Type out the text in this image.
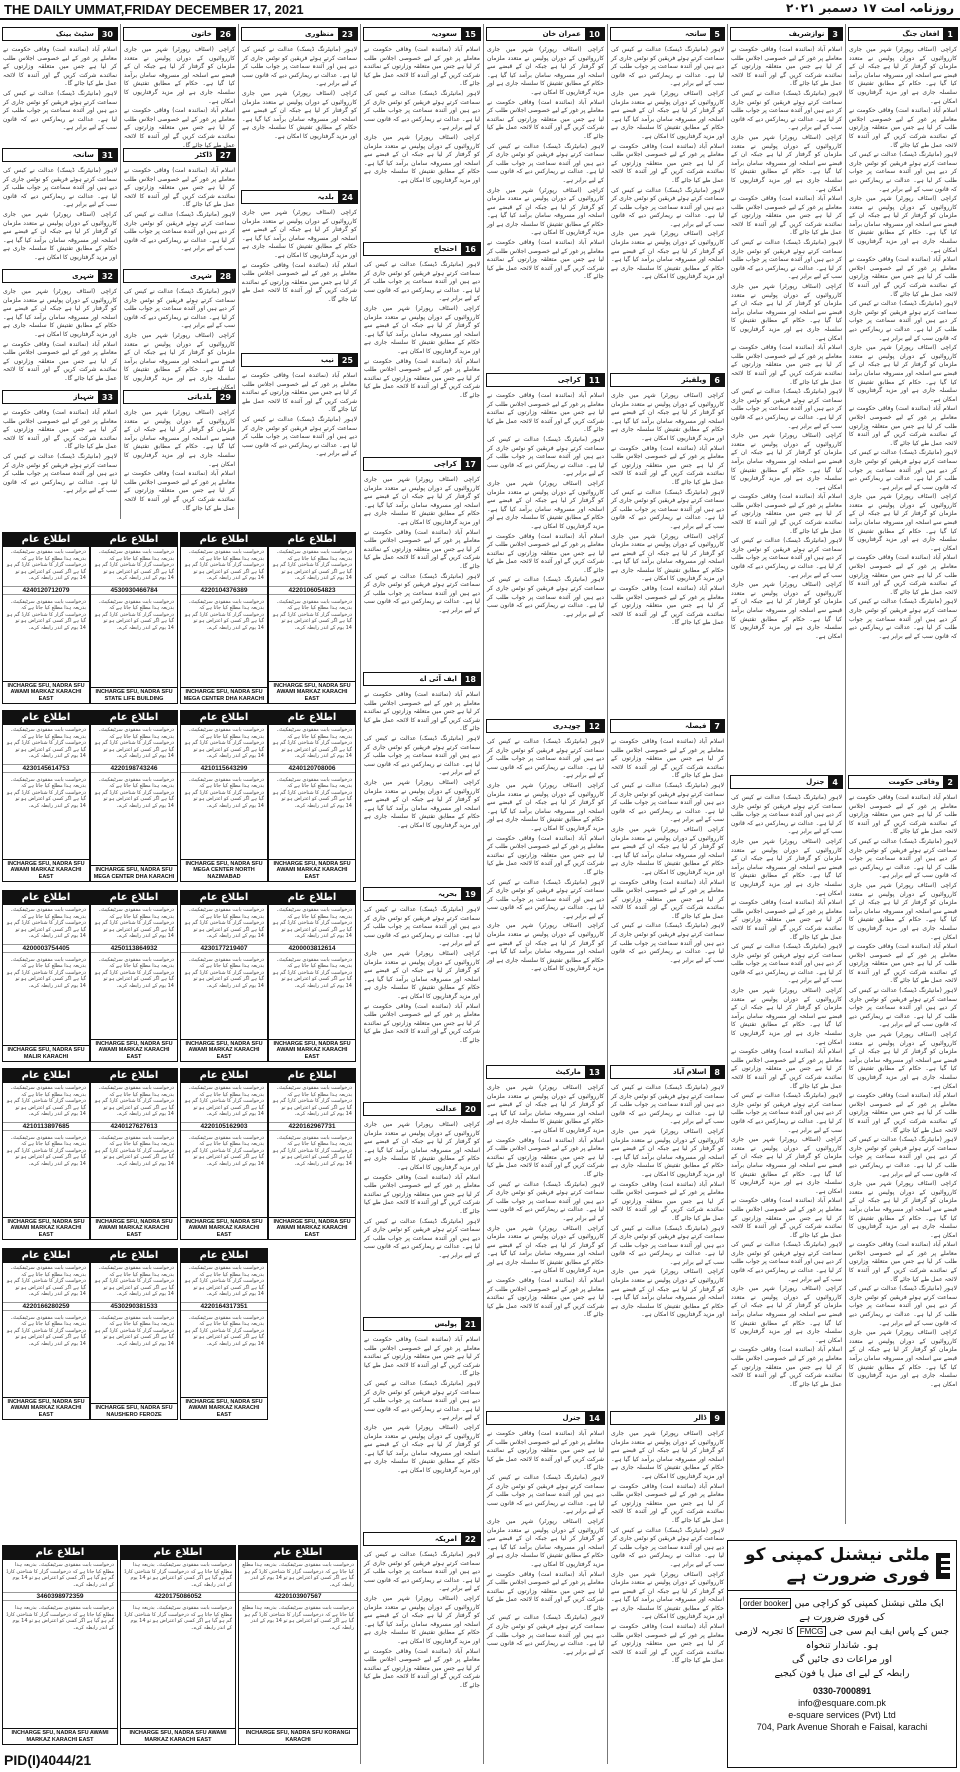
THE DAILY UMMAT,FRIDAY DECEMBER 17, 2021	روزنامہ امت ۱۷ دسمبر ۲۰۲۱
1
افغان جنگ

کراچی (اسٹاف رپورٹر) شہر میں جاری کارروائیوں کے دوران پولیس نے متعدد ملزمان کو گرفتار کر لیا ہے جبکہ ان کے قبضے سے اسلحہ اور مسروقہ سامان برآمد کیا گیا ہے۔ حکام کے مطابق تفتیش کا سلسلہ جاری ہے اور مزید گرفتاریوں کا امکان ہے۔

اسلام آباد (نمائندہ امت) وفاقی حکومت نے معاملے پر غور کے لیے خصوصی اجلاس طلب کر لیا ہے جس میں متعلقہ وزارتوں کے نمائندے شرکت کریں گے اور آئندہ کا لائحہ عمل طے کیا جائے گا۔

لاہور (مانیٹرنگ ڈیسک) عدالت نے کیس کی سماعت کرتے ہوئے فریقین کو نوٹس جاری کر دیے ہیں اور آئندہ سماعت پر جواب طلب کر لیا ہے۔ عدالت نے ریمارکس دیے کہ قانون سب کے لیے برابر ہے۔

کراچی (اسٹاف رپورٹر) شہر میں جاری کارروائیوں کے دوران پولیس نے متعدد ملزمان کو گرفتار کر لیا ہے جبکہ ان کے قبضے سے اسلحہ اور مسروقہ سامان برآمد کیا گیا ہے۔ حکام کے مطابق تفتیش کا سلسلہ جاری ہے اور مزید گرفتاریوں کا امکان ہے۔

اسلام آباد (نمائندہ امت) وفاقی حکومت نے معاملے پر غور کے لیے خصوصی اجلاس طلب کر لیا ہے جس میں متعلقہ وزارتوں کے نمائندے شرکت کریں گے اور آئندہ کا لائحہ عمل طے کیا جائے گا۔

لاہور (مانیٹرنگ ڈیسک) عدالت نے کیس کی سماعت کرتے ہوئے فریقین کو نوٹس جاری کر دیے ہیں اور آئندہ سماعت پر جواب طلب کر لیا ہے۔ عدالت نے ریمارکس دیے کہ قانون سب کے لیے برابر ہے۔

کراچی (اسٹاف رپورٹر) شہر میں جاری کارروائیوں کے دوران پولیس نے متعدد ملزمان کو گرفتار کر لیا ہے جبکہ ان کے قبضے سے اسلحہ اور مسروقہ سامان برآمد کیا گیا ہے۔ حکام کے مطابق تفتیش کا سلسلہ جاری ہے اور مزید گرفتاریوں کا امکان ہے۔

اسلام آباد (نمائندہ امت) وفاقی حکومت نے معاملے پر غور کے لیے خصوصی اجلاس طلب کر لیا ہے جس میں متعلقہ وزارتوں کے نمائندے شرکت کریں گے اور آئندہ کا لائحہ عمل طے کیا جائے گا۔

لاہور (مانیٹرنگ ڈیسک) عدالت نے کیس کی سماعت کرتے ہوئے فریقین کو نوٹس جاری کر دیے ہیں اور آئندہ سماعت پر جواب طلب کر لیا ہے۔ عدالت نے ریمارکس دیے کہ قانون سب کے لیے برابر ہے۔

کراچی (اسٹاف رپورٹر) شہر میں جاری کارروائیوں کے دوران پولیس نے متعدد ملزمان کو گرفتار کر لیا ہے جبکہ ان کے قبضے سے اسلحہ اور مسروقہ سامان برآمد کیا گیا ہے۔ حکام کے مطابق تفتیش کا سلسلہ جاری ہے اور مزید گرفتاریوں کا امکان ہے۔

اسلام آباد (نمائندہ امت) وفاقی حکومت نے معاملے پر غور کے لیے خصوصی اجلاس طلب کر لیا ہے جس میں متعلقہ وزارتوں کے نمائندے شرکت کریں گے اور آئندہ کا لائحہ عمل طے کیا جائے گا۔

لاہور (مانیٹرنگ ڈیسک) عدالت نے کیس کی سماعت کرتے ہوئے فریقین کو نوٹس جاری کر دیے ہیں اور آئندہ سماعت پر جواب طلب کر لیا ہے۔ عدالت نے ریمارکس دیے کہ قانون سب کے لیے برابر ہے۔

2
وفاقی حکومت

اسلام آباد (نمائندہ امت) وفاقی حکومت نے معاملے پر غور کے لیے خصوصی اجلاس طلب کر لیا ہے جس میں متعلقہ وزارتوں کے نمائندے شرکت کریں گے اور آئندہ کا لائحہ عمل طے کیا جائے گا۔

لاہور (مانیٹرنگ ڈیسک) عدالت نے کیس کی سماعت کرتے ہوئے فریقین کو نوٹس جاری کر دیے ہیں اور آئندہ سماعت پر جواب طلب کر لیا ہے۔ عدالت نے ریمارکس دیے کہ قانون سب کے لیے برابر ہے۔

کراچی (اسٹاف رپورٹر) شہر میں جاری کارروائیوں کے دوران پولیس نے متعدد ملزمان کو گرفتار کر لیا ہے جبکہ ان کے قبضے سے اسلحہ اور مسروقہ سامان برآمد کیا گیا ہے۔ حکام کے مطابق تفتیش کا سلسلہ جاری ہے اور مزید گرفتاریوں کا امکان ہے۔

اسلام آباد (نمائندہ امت) وفاقی حکومت نے معاملے پر غور کے لیے خصوصی اجلاس طلب کر لیا ہے جس میں متعلقہ وزارتوں کے نمائندے شرکت کریں گے اور آئندہ کا لائحہ عمل طے کیا جائے گا۔

لاہور (مانیٹرنگ ڈیسک) عدالت نے کیس کی سماعت کرتے ہوئے فریقین کو نوٹس جاری کر دیے ہیں اور آئندہ سماعت پر جواب طلب کر لیا ہے۔ عدالت نے ریمارکس دیے کہ قانون سب کے لیے برابر ہے۔

کراچی (اسٹاف رپورٹر) شہر میں جاری کارروائیوں کے دوران پولیس نے متعدد ملزمان کو گرفتار کر لیا ہے جبکہ ان کے قبضے سے اسلحہ اور مسروقہ سامان برآمد کیا گیا ہے۔ حکام کے مطابق تفتیش کا سلسلہ جاری ہے اور مزید گرفتاریوں کا امکان ہے۔

اسلام آباد (نمائندہ امت) وفاقی حکومت نے معاملے پر غور کے لیے خصوصی اجلاس طلب کر لیا ہے جس میں متعلقہ وزارتوں کے نمائندے شرکت کریں گے اور آئندہ کا لائحہ عمل طے کیا جائے گا۔

لاہور (مانیٹرنگ ڈیسک) عدالت نے کیس کی سماعت کرتے ہوئے فریقین کو نوٹس جاری کر دیے ہیں اور آئندہ سماعت پر جواب طلب کر لیا ہے۔ عدالت نے ریمارکس دیے کہ قانون سب کے لیے برابر ہے۔

کراچی (اسٹاف رپورٹر) شہر میں جاری کارروائیوں کے دوران پولیس نے متعدد ملزمان کو گرفتار کر لیا ہے جبکہ ان کے قبضے سے اسلحہ اور مسروقہ سامان برآمد کیا گیا ہے۔ حکام کے مطابق تفتیش کا سلسلہ جاری ہے اور مزید گرفتاریوں کا امکان ہے۔

اسلام آباد (نمائندہ امت) وفاقی حکومت نے معاملے پر غور کے لیے خصوصی اجلاس طلب کر لیا ہے جس میں متعلقہ وزارتوں کے نمائندے شرکت کریں گے اور آئندہ کا لائحہ عمل طے کیا جائے گا۔

لاہور (مانیٹرنگ ڈیسک) عدالت نے کیس کی سماعت کرتے ہوئے فریقین کو نوٹس جاری کر دیے ہیں اور آئندہ سماعت پر جواب طلب کر لیا ہے۔ عدالت نے ریمارکس دیے کہ قانون سب کے لیے برابر ہے۔

کراچی (اسٹاف رپورٹر) شہر میں جاری کارروائیوں کے دوران پولیس نے متعدد ملزمان کو گرفتار کر لیا ہے جبکہ ان کے قبضے سے اسلحہ اور مسروقہ سامان برآمد کیا گیا ہے۔ حکام کے مطابق تفتیش کا سلسلہ جاری ہے اور مزید گرفتاریوں کا امکان ہے۔

3
نوازشریف

اسلام آباد (نمائندہ امت) وفاقی حکومت نے معاملے پر غور کے لیے خصوصی اجلاس طلب کر لیا ہے جس میں متعلقہ وزارتوں کے نمائندے شرکت کریں گے اور آئندہ کا لائحہ عمل طے کیا جائے گا۔

لاہور (مانیٹرنگ ڈیسک) عدالت نے کیس کی سماعت کرتے ہوئے فریقین کو نوٹس جاری کر دیے ہیں اور آئندہ سماعت پر جواب طلب کر لیا ہے۔ عدالت نے ریمارکس دیے کہ قانون سب کے لیے برابر ہے۔

کراچی (اسٹاف رپورٹر) شہر میں جاری کارروائیوں کے دوران پولیس نے متعدد ملزمان کو گرفتار کر لیا ہے جبکہ ان کے قبضے سے اسلحہ اور مسروقہ سامان برآمد کیا گیا ہے۔ حکام کے مطابق تفتیش کا سلسلہ جاری ہے اور مزید گرفتاریوں کا امکان ہے۔

اسلام آباد (نمائندہ امت) وفاقی حکومت نے معاملے پر غور کے لیے خصوصی اجلاس طلب کر لیا ہے جس میں متعلقہ وزارتوں کے نمائندے شرکت کریں گے اور آئندہ کا لائحہ عمل طے کیا جائے گا۔

لاہور (مانیٹرنگ ڈیسک) عدالت نے کیس کی سماعت کرتے ہوئے فریقین کو نوٹس جاری کر دیے ہیں اور آئندہ سماعت پر جواب طلب کر لیا ہے۔ عدالت نے ریمارکس دیے کہ قانون سب کے لیے برابر ہے۔

کراچی (اسٹاف رپورٹر) شہر میں جاری کارروائیوں کے دوران پولیس نے متعدد ملزمان کو گرفتار کر لیا ہے جبکہ ان کے قبضے سے اسلحہ اور مسروقہ سامان برآمد کیا گیا ہے۔ حکام کے مطابق تفتیش کا سلسلہ جاری ہے اور مزید گرفتاریوں کا امکان ہے۔

اسلام آباد (نمائندہ امت) وفاقی حکومت نے معاملے پر غور کے لیے خصوصی اجلاس طلب کر لیا ہے جس میں متعلقہ وزارتوں کے نمائندے شرکت کریں گے اور آئندہ کا لائحہ عمل طے کیا جائے گا۔

لاہور (مانیٹرنگ ڈیسک) عدالت نے کیس کی سماعت کرتے ہوئے فریقین کو نوٹس جاری کر دیے ہیں اور آئندہ سماعت پر جواب طلب کر لیا ہے۔ عدالت نے ریمارکس دیے کہ قانون سب کے لیے برابر ہے۔

کراچی (اسٹاف رپورٹر) شہر میں جاری کارروائیوں کے دوران پولیس نے متعدد ملزمان کو گرفتار کر لیا ہے جبکہ ان کے قبضے سے اسلحہ اور مسروقہ سامان برآمد کیا گیا ہے۔ حکام کے مطابق تفتیش کا سلسلہ جاری ہے اور مزید گرفتاریوں کا امکان ہے۔

اسلام آباد (نمائندہ امت) وفاقی حکومت نے معاملے پر غور کے لیے خصوصی اجلاس طلب کر لیا ہے جس میں متعلقہ وزارتوں کے نمائندے شرکت کریں گے اور آئندہ کا لائحہ عمل طے کیا جائے گا۔

لاہور (مانیٹرنگ ڈیسک) عدالت نے کیس کی سماعت کرتے ہوئے فریقین کو نوٹس جاری کر دیے ہیں اور آئندہ سماعت پر جواب طلب کر لیا ہے۔ عدالت نے ریمارکس دیے کہ قانون سب کے لیے برابر ہے۔

کراچی (اسٹاف رپورٹر) شہر میں جاری کارروائیوں کے دوران پولیس نے متعدد ملزمان کو گرفتار کر لیا ہے جبکہ ان کے قبضے سے اسلحہ اور مسروقہ سامان برآمد کیا گیا ہے۔ حکام کے مطابق تفتیش کا سلسلہ جاری ہے اور مزید گرفتاریوں کا امکان ہے۔

4
جنرل

لاہور (مانیٹرنگ ڈیسک) عدالت نے کیس کی سماعت کرتے ہوئے فریقین کو نوٹس جاری کر دیے ہیں اور آئندہ سماعت پر جواب طلب کر لیا ہے۔ عدالت نے ریمارکس دیے کہ قانون سب کے لیے برابر ہے۔

کراچی (اسٹاف رپورٹر) شہر میں جاری کارروائیوں کے دوران پولیس نے متعدد ملزمان کو گرفتار کر لیا ہے جبکہ ان کے قبضے سے اسلحہ اور مسروقہ سامان برآمد کیا گیا ہے۔ حکام کے مطابق تفتیش کا سلسلہ جاری ہے اور مزید گرفتاریوں کا امکان ہے۔

اسلام آباد (نمائندہ امت) وفاقی حکومت نے معاملے پر غور کے لیے خصوصی اجلاس طلب کر لیا ہے جس میں متعلقہ وزارتوں کے نمائندے شرکت کریں گے اور آئندہ کا لائحہ عمل طے کیا جائے گا۔

لاہور (مانیٹرنگ ڈیسک) عدالت نے کیس کی سماعت کرتے ہوئے فریقین کو نوٹس جاری کر دیے ہیں اور آئندہ سماعت پر جواب طلب کر لیا ہے۔ عدالت نے ریمارکس دیے کہ قانون سب کے لیے برابر ہے۔

کراچی (اسٹاف رپورٹر) شہر میں جاری کارروائیوں کے دوران پولیس نے متعدد ملزمان کو گرفتار کر لیا ہے جبکہ ان کے قبضے سے اسلحہ اور مسروقہ سامان برآمد کیا گیا ہے۔ حکام کے مطابق تفتیش کا سلسلہ جاری ہے اور مزید گرفتاریوں کا امکان ہے۔

اسلام آباد (نمائندہ امت) وفاقی حکومت نے معاملے پر غور کے لیے خصوصی اجلاس طلب کر لیا ہے جس میں متعلقہ وزارتوں کے نمائندے شرکت کریں گے اور آئندہ کا لائحہ عمل طے کیا جائے گا۔

لاہور (مانیٹرنگ ڈیسک) عدالت نے کیس کی سماعت کرتے ہوئے فریقین کو نوٹس جاری کر دیے ہیں اور آئندہ سماعت پر جواب طلب کر لیا ہے۔ عدالت نے ریمارکس دیے کہ قانون سب کے لیے برابر ہے۔

کراچی (اسٹاف رپورٹر) شہر میں جاری کارروائیوں کے دوران پولیس نے متعدد ملزمان کو گرفتار کر لیا ہے جبکہ ان کے قبضے سے اسلحہ اور مسروقہ سامان برآمد کیا گیا ہے۔ حکام کے مطابق تفتیش کا سلسلہ جاری ہے اور مزید گرفتاریوں کا امکان ہے۔

اسلام آباد (نمائندہ امت) وفاقی حکومت نے معاملے پر غور کے لیے خصوصی اجلاس طلب کر لیا ہے جس میں متعلقہ وزارتوں کے نمائندے شرکت کریں گے اور آئندہ کا لائحہ عمل طے کیا جائے گا۔

لاہور (مانیٹرنگ ڈیسک) عدالت نے کیس کی سماعت کرتے ہوئے فریقین کو نوٹس جاری کر دیے ہیں اور آئندہ سماعت پر جواب طلب کر لیا ہے۔ عدالت نے ریمارکس دیے کہ قانون سب کے لیے برابر ہے۔

کراچی (اسٹاف رپورٹر) شہر میں جاری کارروائیوں کے دوران پولیس نے متعدد ملزمان کو گرفتار کر لیا ہے جبکہ ان کے قبضے سے اسلحہ اور مسروقہ سامان برآمد کیا گیا ہے۔ حکام کے مطابق تفتیش کا سلسلہ جاری ہے اور مزید گرفتاریوں کا امکان ہے۔

اسلام آباد (نمائندہ امت) وفاقی حکومت نے معاملے پر غور کے لیے خصوصی اجلاس طلب کر لیا ہے جس میں متعلقہ وزارتوں کے نمائندے شرکت کریں گے اور آئندہ کا لائحہ عمل طے کیا جائے گا۔

5
سانحہ

لاہور (مانیٹرنگ ڈیسک) عدالت نے کیس کی سماعت کرتے ہوئے فریقین کو نوٹس جاری کر دیے ہیں اور آئندہ سماعت پر جواب طلب کر لیا ہے۔ عدالت نے ریمارکس دیے کہ قانون سب کے لیے برابر ہے۔

کراچی (اسٹاف رپورٹر) شہر میں جاری کارروائیوں کے دوران پولیس نے متعدد ملزمان کو گرفتار کر لیا ہے جبکہ ان کے قبضے سے اسلحہ اور مسروقہ سامان برآمد کیا گیا ہے۔ حکام کے مطابق تفتیش کا سلسلہ جاری ہے اور مزید گرفتاریوں کا امکان ہے۔

اسلام آباد (نمائندہ امت) وفاقی حکومت نے معاملے پر غور کے لیے خصوصی اجلاس طلب کر لیا ہے جس میں متعلقہ وزارتوں کے نمائندے شرکت کریں گے اور آئندہ کا لائحہ عمل طے کیا جائے گا۔

لاہور (مانیٹرنگ ڈیسک) عدالت نے کیس کی سماعت کرتے ہوئے فریقین کو نوٹس جاری کر دیے ہیں اور آئندہ سماعت پر جواب طلب کر لیا ہے۔ عدالت نے ریمارکس دیے کہ قانون سب کے لیے برابر ہے۔

کراچی (اسٹاف رپورٹر) شہر میں جاری کارروائیوں کے دوران پولیس نے متعدد ملزمان کو گرفتار کر لیا ہے جبکہ ان کے قبضے سے اسلحہ اور مسروقہ سامان برآمد کیا گیا ہے۔ حکام کے مطابق تفتیش کا سلسلہ جاری ہے اور مزید گرفتاریوں کا امکان ہے۔

6
ویلفیئر

کراچی (اسٹاف رپورٹر) شہر میں جاری کارروائیوں کے دوران پولیس نے متعدد ملزمان کو گرفتار کر لیا ہے جبکہ ان کے قبضے سے اسلحہ اور مسروقہ سامان برآمد کیا گیا ہے۔ حکام کے مطابق تفتیش کا سلسلہ جاری ہے اور مزید گرفتاریوں کا امکان ہے۔

اسلام آباد (نمائندہ امت) وفاقی حکومت نے معاملے پر غور کے لیے خصوصی اجلاس طلب کر لیا ہے جس میں متعلقہ وزارتوں کے نمائندے شرکت کریں گے اور آئندہ کا لائحہ عمل طے کیا جائے گا۔

لاہور (مانیٹرنگ ڈیسک) عدالت نے کیس کی سماعت کرتے ہوئے فریقین کو نوٹس جاری کر دیے ہیں اور آئندہ سماعت پر جواب طلب کر لیا ہے۔ عدالت نے ریمارکس دیے کہ قانون سب کے لیے برابر ہے۔

کراچی (اسٹاف رپورٹر) شہر میں جاری کارروائیوں کے دوران پولیس نے متعدد ملزمان کو گرفتار کر لیا ہے جبکہ ان کے قبضے سے اسلحہ اور مسروقہ سامان برآمد کیا گیا ہے۔ حکام کے مطابق تفتیش کا سلسلہ جاری ہے اور مزید گرفتاریوں کا امکان ہے۔

اسلام آباد (نمائندہ امت) وفاقی حکومت نے معاملے پر غور کے لیے خصوصی اجلاس طلب کر لیا ہے جس میں متعلقہ وزارتوں کے نمائندے شرکت کریں گے اور آئندہ کا لائحہ عمل طے کیا جائے گا۔

7
فیصلہ

اسلام آباد (نمائندہ امت) وفاقی حکومت نے معاملے پر غور کے لیے خصوصی اجلاس طلب کر لیا ہے جس میں متعلقہ وزارتوں کے نمائندے شرکت کریں گے اور آئندہ کا لائحہ عمل طے کیا جائے گا۔

لاہور (مانیٹرنگ ڈیسک) عدالت نے کیس کی سماعت کرتے ہوئے فریقین کو نوٹس جاری کر دیے ہیں اور آئندہ سماعت پر جواب طلب کر لیا ہے۔ عدالت نے ریمارکس دیے کہ قانون سب کے لیے برابر ہے۔

کراچی (اسٹاف رپورٹر) شہر میں جاری کارروائیوں کے دوران پولیس نے متعدد ملزمان کو گرفتار کر لیا ہے جبکہ ان کے قبضے سے اسلحہ اور مسروقہ سامان برآمد کیا گیا ہے۔ حکام کے مطابق تفتیش کا سلسلہ جاری ہے اور مزید گرفتاریوں کا امکان ہے۔

اسلام آباد (نمائندہ امت) وفاقی حکومت نے معاملے پر غور کے لیے خصوصی اجلاس طلب کر لیا ہے جس میں متعلقہ وزارتوں کے نمائندے شرکت کریں گے اور آئندہ کا لائحہ عمل طے کیا جائے گا۔

لاہور (مانیٹرنگ ڈیسک) عدالت نے کیس کی سماعت کرتے ہوئے فریقین کو نوٹس جاری کر دیے ہیں اور آئندہ سماعت پر جواب طلب کر لیا ہے۔ عدالت نے ریمارکس دیے کہ قانون سب کے لیے برابر ہے۔

8
اسلام آباد

لاہور (مانیٹرنگ ڈیسک) عدالت نے کیس کی سماعت کرتے ہوئے فریقین کو نوٹس جاری کر دیے ہیں اور آئندہ سماعت پر جواب طلب کر لیا ہے۔ عدالت نے ریمارکس دیے کہ قانون سب کے لیے برابر ہے۔

کراچی (اسٹاف رپورٹر) شہر میں جاری کارروائیوں کے دوران پولیس نے متعدد ملزمان کو گرفتار کر لیا ہے جبکہ ان کے قبضے سے اسلحہ اور مسروقہ سامان برآمد کیا گیا ہے۔ حکام کے مطابق تفتیش کا سلسلہ جاری ہے اور مزید گرفتاریوں کا امکان ہے۔

اسلام آباد (نمائندہ امت) وفاقی حکومت نے معاملے پر غور کے لیے خصوصی اجلاس طلب کر لیا ہے جس میں متعلقہ وزارتوں کے نمائندے شرکت کریں گے اور آئندہ کا لائحہ عمل طے کیا جائے گا۔

لاہور (مانیٹرنگ ڈیسک) عدالت نے کیس کی سماعت کرتے ہوئے فریقین کو نوٹس جاری کر دیے ہیں اور آئندہ سماعت پر جواب طلب کر لیا ہے۔ عدالت نے ریمارکس دیے کہ قانون سب کے لیے برابر ہے۔

کراچی (اسٹاف رپورٹر) شہر میں جاری کارروائیوں کے دوران پولیس نے متعدد ملزمان کو گرفتار کر لیا ہے جبکہ ان کے قبضے سے اسلحہ اور مسروقہ سامان برآمد کیا گیا ہے۔ حکام کے مطابق تفتیش کا سلسلہ جاری ہے اور مزید گرفتاریوں کا امکان ہے۔

9
ڈالر

کراچی (اسٹاف رپورٹر) شہر میں جاری کارروائیوں کے دوران پولیس نے متعدد ملزمان کو گرفتار کر لیا ہے جبکہ ان کے قبضے سے اسلحہ اور مسروقہ سامان برآمد کیا گیا ہے۔ حکام کے مطابق تفتیش کا سلسلہ جاری ہے اور مزید گرفتاریوں کا امکان ہے۔

اسلام آباد (نمائندہ امت) وفاقی حکومت نے معاملے پر غور کے لیے خصوصی اجلاس طلب کر لیا ہے جس میں متعلقہ وزارتوں کے نمائندے شرکت کریں گے اور آئندہ کا لائحہ عمل طے کیا جائے گا۔

لاہور (مانیٹرنگ ڈیسک) عدالت نے کیس کی سماعت کرتے ہوئے فریقین کو نوٹس جاری کر دیے ہیں اور آئندہ سماعت پر جواب طلب کر لیا ہے۔ عدالت نے ریمارکس دیے کہ قانون سب کے لیے برابر ہے۔

کراچی (اسٹاف رپورٹر) شہر میں جاری کارروائیوں کے دوران پولیس نے متعدد ملزمان کو گرفتار کر لیا ہے جبکہ ان کے قبضے سے اسلحہ اور مسروقہ سامان برآمد کیا گیا ہے۔ حکام کے مطابق تفتیش کا سلسلہ جاری ہے اور مزید گرفتاریوں کا امکان ہے۔

اسلام آباد (نمائندہ امت) وفاقی حکومت نے معاملے پر غور کے لیے خصوصی اجلاس طلب کر لیا ہے جس میں متعلقہ وزارتوں کے نمائندے شرکت کریں گے اور آئندہ کا لائحہ عمل طے کیا جائے گا۔

10
عمران خان

کراچی (اسٹاف رپورٹر) شہر میں جاری کارروائیوں کے دوران پولیس نے متعدد ملزمان کو گرفتار کر لیا ہے جبکہ ان کے قبضے سے اسلحہ اور مسروقہ سامان برآمد کیا گیا ہے۔ حکام کے مطابق تفتیش کا سلسلہ جاری ہے اور مزید گرفتاریوں کا امکان ہے۔

اسلام آباد (نمائندہ امت) وفاقی حکومت نے معاملے پر غور کے لیے خصوصی اجلاس طلب کر لیا ہے جس میں متعلقہ وزارتوں کے نمائندے شرکت کریں گے اور آئندہ کا لائحہ عمل طے کیا جائے گا۔

لاہور (مانیٹرنگ ڈیسک) عدالت نے کیس کی سماعت کرتے ہوئے فریقین کو نوٹس جاری کر دیے ہیں اور آئندہ سماعت پر جواب طلب کر لیا ہے۔ عدالت نے ریمارکس دیے کہ قانون سب کے لیے برابر ہے۔

کراچی (اسٹاف رپورٹر) شہر میں جاری کارروائیوں کے دوران پولیس نے متعدد ملزمان کو گرفتار کر لیا ہے جبکہ ان کے قبضے سے اسلحہ اور مسروقہ سامان برآمد کیا گیا ہے۔ حکام کے مطابق تفتیش کا سلسلہ جاری ہے اور مزید گرفتاریوں کا امکان ہے۔

اسلام آباد (نمائندہ امت) وفاقی حکومت نے معاملے پر غور کے لیے خصوصی اجلاس طلب کر لیا ہے جس میں متعلقہ وزارتوں کے نمائندے شرکت کریں گے اور آئندہ کا لائحہ عمل طے کیا جائے گا۔

11
کراچی

اسلام آباد (نمائندہ امت) وفاقی حکومت نے معاملے پر غور کے لیے خصوصی اجلاس طلب کر لیا ہے جس میں متعلقہ وزارتوں کے نمائندے شرکت کریں گے اور آئندہ کا لائحہ عمل طے کیا جائے گا۔

لاہور (مانیٹرنگ ڈیسک) عدالت نے کیس کی سماعت کرتے ہوئے فریقین کو نوٹس جاری کر دیے ہیں اور آئندہ سماعت پر جواب طلب کر لیا ہے۔ عدالت نے ریمارکس دیے کہ قانون سب کے لیے برابر ہے۔

کراچی (اسٹاف رپورٹر) شہر میں جاری کارروائیوں کے دوران پولیس نے متعدد ملزمان کو گرفتار کر لیا ہے جبکہ ان کے قبضے سے اسلحہ اور مسروقہ سامان برآمد کیا گیا ہے۔ حکام کے مطابق تفتیش کا سلسلہ جاری ہے اور مزید گرفتاریوں کا امکان ہے۔

اسلام آباد (نمائندہ امت) وفاقی حکومت نے معاملے پر غور کے لیے خصوصی اجلاس طلب کر لیا ہے جس میں متعلقہ وزارتوں کے نمائندے شرکت کریں گے اور آئندہ کا لائحہ عمل طے کیا جائے گا۔

لاہور (مانیٹرنگ ڈیسک) عدالت نے کیس کی سماعت کرتے ہوئے فریقین کو نوٹس جاری کر دیے ہیں اور آئندہ سماعت پر جواب طلب کر لیا ہے۔ عدالت نے ریمارکس دیے کہ قانون سب کے لیے برابر ہے۔

12
چوہدری

لاہور (مانیٹرنگ ڈیسک) عدالت نے کیس کی سماعت کرتے ہوئے فریقین کو نوٹس جاری کر دیے ہیں اور آئندہ سماعت پر جواب طلب کر لیا ہے۔ عدالت نے ریمارکس دیے کہ قانون سب کے لیے برابر ہے۔

کراچی (اسٹاف رپورٹر) شہر میں جاری کارروائیوں کے دوران پولیس نے متعدد ملزمان کو گرفتار کر لیا ہے جبکہ ان کے قبضے سے اسلحہ اور مسروقہ سامان برآمد کیا گیا ہے۔ حکام کے مطابق تفتیش کا سلسلہ جاری ہے اور مزید گرفتاریوں کا امکان ہے۔

اسلام آباد (نمائندہ امت) وفاقی حکومت نے معاملے پر غور کے لیے خصوصی اجلاس طلب کر لیا ہے جس میں متعلقہ وزارتوں کے نمائندے شرکت کریں گے اور آئندہ کا لائحہ عمل طے کیا جائے گا۔

لاہور (مانیٹرنگ ڈیسک) عدالت نے کیس کی سماعت کرتے ہوئے فریقین کو نوٹس جاری کر دیے ہیں اور آئندہ سماعت پر جواب طلب کر لیا ہے۔ عدالت نے ریمارکس دیے کہ قانون سب کے لیے برابر ہے۔

کراچی (اسٹاف رپورٹر) شہر میں جاری کارروائیوں کے دوران پولیس نے متعدد ملزمان کو گرفتار کر لیا ہے جبکہ ان کے قبضے سے اسلحہ اور مسروقہ سامان برآمد کیا گیا ہے۔ حکام کے مطابق تفتیش کا سلسلہ جاری ہے اور مزید گرفتاریوں کا امکان ہے۔

13
مارکیٹ

کراچی (اسٹاف رپورٹر) شہر میں جاری کارروائیوں کے دوران پولیس نے متعدد ملزمان کو گرفتار کر لیا ہے جبکہ ان کے قبضے سے اسلحہ اور مسروقہ سامان برآمد کیا گیا ہے۔ حکام کے مطابق تفتیش کا سلسلہ جاری ہے اور مزید گرفتاریوں کا امکان ہے۔

اسلام آباد (نمائندہ امت) وفاقی حکومت نے معاملے پر غور کے لیے خصوصی اجلاس طلب کر لیا ہے جس میں متعلقہ وزارتوں کے نمائندے شرکت کریں گے اور آئندہ کا لائحہ عمل طے کیا جائے گا۔

لاہور (مانیٹرنگ ڈیسک) عدالت نے کیس کی سماعت کرتے ہوئے فریقین کو نوٹس جاری کر دیے ہیں اور آئندہ سماعت پر جواب طلب کر لیا ہے۔ عدالت نے ریمارکس دیے کہ قانون سب کے لیے برابر ہے۔

کراچی (اسٹاف رپورٹر) شہر میں جاری کارروائیوں کے دوران پولیس نے متعدد ملزمان کو گرفتار کر لیا ہے جبکہ ان کے قبضے سے اسلحہ اور مسروقہ سامان برآمد کیا گیا ہے۔ حکام کے مطابق تفتیش کا سلسلہ جاری ہے اور مزید گرفتاریوں کا امکان ہے۔

اسلام آباد (نمائندہ امت) وفاقی حکومت نے معاملے پر غور کے لیے خصوصی اجلاس طلب کر لیا ہے جس میں متعلقہ وزارتوں کے نمائندے شرکت کریں گے اور آئندہ کا لائحہ عمل طے کیا جائے گا۔

14
جنرل

اسلام آباد (نمائندہ امت) وفاقی حکومت نے معاملے پر غور کے لیے خصوصی اجلاس طلب کر لیا ہے جس میں متعلقہ وزارتوں کے نمائندے شرکت کریں گے اور آئندہ کا لائحہ عمل طے کیا جائے گا۔

لاہور (مانیٹرنگ ڈیسک) عدالت نے کیس کی سماعت کرتے ہوئے فریقین کو نوٹس جاری کر دیے ہیں اور آئندہ سماعت پر جواب طلب کر لیا ہے۔ عدالت نے ریمارکس دیے کہ قانون سب کے لیے برابر ہے۔

کراچی (اسٹاف رپورٹر) شہر میں جاری کارروائیوں کے دوران پولیس نے متعدد ملزمان کو گرفتار کر لیا ہے جبکہ ان کے قبضے سے اسلحہ اور مسروقہ سامان برآمد کیا گیا ہے۔ حکام کے مطابق تفتیش کا سلسلہ جاری ہے اور مزید گرفتاریوں کا امکان ہے۔

اسلام آباد (نمائندہ امت) وفاقی حکومت نے معاملے پر غور کے لیے خصوصی اجلاس طلب کر لیا ہے جس میں متعلقہ وزارتوں کے نمائندے شرکت کریں گے اور آئندہ کا لائحہ عمل طے کیا جائے گا۔

لاہور (مانیٹرنگ ڈیسک) عدالت نے کیس کی سماعت کرتے ہوئے فریقین کو نوٹس جاری کر دیے ہیں اور آئندہ سماعت پر جواب طلب کر لیا ہے۔ عدالت نے ریمارکس دیے کہ قانون سب کے لیے برابر ہے۔

15
سعودیہ

اسلام آباد (نمائندہ امت) وفاقی حکومت نے معاملے پر غور کے لیے خصوصی اجلاس طلب کر لیا ہے جس میں متعلقہ وزارتوں کے نمائندے شرکت کریں گے اور آئندہ کا لائحہ عمل طے کیا جائے گا۔

لاہور (مانیٹرنگ ڈیسک) عدالت نے کیس کی سماعت کرتے ہوئے فریقین کو نوٹس جاری کر دیے ہیں اور آئندہ سماعت پر جواب طلب کر لیا ہے۔ عدالت نے ریمارکس دیے کہ قانون سب کے لیے برابر ہے۔

کراچی (اسٹاف رپورٹر) شہر میں جاری کارروائیوں کے دوران پولیس نے متعدد ملزمان کو گرفتار کر لیا ہے جبکہ ان کے قبضے سے اسلحہ اور مسروقہ سامان برآمد کیا گیا ہے۔ حکام کے مطابق تفتیش کا سلسلہ جاری ہے اور مزید گرفتاریوں کا امکان ہے۔

16
احتجاج

لاہور (مانیٹرنگ ڈیسک) عدالت نے کیس کی سماعت کرتے ہوئے فریقین کو نوٹس جاری کر دیے ہیں اور آئندہ سماعت پر جواب طلب کر لیا ہے۔ عدالت نے ریمارکس دیے کہ قانون سب کے لیے برابر ہے۔

کراچی (اسٹاف رپورٹر) شہر میں جاری کارروائیوں کے دوران پولیس نے متعدد ملزمان کو گرفتار کر لیا ہے جبکہ ان کے قبضے سے اسلحہ اور مسروقہ سامان برآمد کیا گیا ہے۔ حکام کے مطابق تفتیش کا سلسلہ جاری ہے اور مزید گرفتاریوں کا امکان ہے۔

اسلام آباد (نمائندہ امت) وفاقی حکومت نے معاملے پر غور کے لیے خصوصی اجلاس طلب کر لیا ہے جس میں متعلقہ وزارتوں کے نمائندے شرکت کریں گے اور آئندہ کا لائحہ عمل طے کیا جائے گا۔

17
کراچی

کراچی (اسٹاف رپورٹر) شہر میں جاری کارروائیوں کے دوران پولیس نے متعدد ملزمان کو گرفتار کر لیا ہے جبکہ ان کے قبضے سے اسلحہ اور مسروقہ سامان برآمد کیا گیا ہے۔ حکام کے مطابق تفتیش کا سلسلہ جاری ہے اور مزید گرفتاریوں کا امکان ہے۔

اسلام آباد (نمائندہ امت) وفاقی حکومت نے معاملے پر غور کے لیے خصوصی اجلاس طلب کر لیا ہے جس میں متعلقہ وزارتوں کے نمائندے شرکت کریں گے اور آئندہ کا لائحہ عمل طے کیا جائے گا۔

لاہور (مانیٹرنگ ڈیسک) عدالت نے کیس کی سماعت کرتے ہوئے فریقین کو نوٹس جاری کر دیے ہیں اور آئندہ سماعت پر جواب طلب کر لیا ہے۔ عدالت نے ریمارکس دیے کہ قانون سب کے لیے برابر ہے۔

18
ایف آئی اے

اسلام آباد (نمائندہ امت) وفاقی حکومت نے معاملے پر غور کے لیے خصوصی اجلاس طلب کر لیا ہے جس میں متعلقہ وزارتوں کے نمائندے شرکت کریں گے اور آئندہ کا لائحہ عمل طے کیا جائے گا۔

لاہور (مانیٹرنگ ڈیسک) عدالت نے کیس کی سماعت کرتے ہوئے فریقین کو نوٹس جاری کر دیے ہیں اور آئندہ سماعت پر جواب طلب کر لیا ہے۔ عدالت نے ریمارکس دیے کہ قانون سب کے لیے برابر ہے۔

کراچی (اسٹاف رپورٹر) شہر میں جاری کارروائیوں کے دوران پولیس نے متعدد ملزمان کو گرفتار کر لیا ہے جبکہ ان کے قبضے سے اسلحہ اور مسروقہ سامان برآمد کیا گیا ہے۔ حکام کے مطابق تفتیش کا سلسلہ جاری ہے اور مزید گرفتاریوں کا امکان ہے۔

19
بحریہ

لاہور (مانیٹرنگ ڈیسک) عدالت نے کیس کی سماعت کرتے ہوئے فریقین کو نوٹس جاری کر دیے ہیں اور آئندہ سماعت پر جواب طلب کر لیا ہے۔ عدالت نے ریمارکس دیے کہ قانون سب کے لیے برابر ہے۔

کراچی (اسٹاف رپورٹر) شہر میں جاری کارروائیوں کے دوران پولیس نے متعدد ملزمان کو گرفتار کر لیا ہے جبکہ ان کے قبضے سے اسلحہ اور مسروقہ سامان برآمد کیا گیا ہے۔ حکام کے مطابق تفتیش کا سلسلہ جاری ہے اور مزید گرفتاریوں کا امکان ہے۔

اسلام آباد (نمائندہ امت) وفاقی حکومت نے معاملے پر غور کے لیے خصوصی اجلاس طلب کر لیا ہے جس میں متعلقہ وزارتوں کے نمائندے شرکت کریں گے اور آئندہ کا لائحہ عمل طے کیا جائے گا۔

20
عدالت

کراچی (اسٹاف رپورٹر) شہر میں جاری کارروائیوں کے دوران پولیس نے متعدد ملزمان کو گرفتار کر لیا ہے جبکہ ان کے قبضے سے اسلحہ اور مسروقہ سامان برآمد کیا گیا ہے۔ حکام کے مطابق تفتیش کا سلسلہ جاری ہے اور مزید گرفتاریوں کا امکان ہے۔

اسلام آباد (نمائندہ امت) وفاقی حکومت نے معاملے پر غور کے لیے خصوصی اجلاس طلب کر لیا ہے جس میں متعلقہ وزارتوں کے نمائندے شرکت کریں گے اور آئندہ کا لائحہ عمل طے کیا جائے گا۔

لاہور (مانیٹرنگ ڈیسک) عدالت نے کیس کی سماعت کرتے ہوئے فریقین کو نوٹس جاری کر دیے ہیں اور آئندہ سماعت پر جواب طلب کر لیا ہے۔ عدالت نے ریمارکس دیے کہ قانون سب کے لیے برابر ہے۔

21
پولیس

اسلام آباد (نمائندہ امت) وفاقی حکومت نے معاملے پر غور کے لیے خصوصی اجلاس طلب کر لیا ہے جس میں متعلقہ وزارتوں کے نمائندے شرکت کریں گے اور آئندہ کا لائحہ عمل طے کیا جائے گا۔

لاہور (مانیٹرنگ ڈیسک) عدالت نے کیس کی سماعت کرتے ہوئے فریقین کو نوٹس جاری کر دیے ہیں اور آئندہ سماعت پر جواب طلب کر لیا ہے۔ عدالت نے ریمارکس دیے کہ قانون سب کے لیے برابر ہے۔

کراچی (اسٹاف رپورٹر) شہر میں جاری کارروائیوں کے دوران پولیس نے متعدد ملزمان کو گرفتار کر لیا ہے جبکہ ان کے قبضے سے اسلحہ اور مسروقہ سامان برآمد کیا گیا ہے۔ حکام کے مطابق تفتیش کا سلسلہ جاری ہے اور مزید گرفتاریوں کا امکان ہے۔

22
امریکہ

لاہور (مانیٹرنگ ڈیسک) عدالت نے کیس کی سماعت کرتے ہوئے فریقین کو نوٹس جاری کر دیے ہیں اور آئندہ سماعت پر جواب طلب کر لیا ہے۔ عدالت نے ریمارکس دیے کہ قانون سب کے لیے برابر ہے۔

کراچی (اسٹاف رپورٹر) شہر میں جاری کارروائیوں کے دوران پولیس نے متعدد ملزمان کو گرفتار کر لیا ہے جبکہ ان کے قبضے سے اسلحہ اور مسروقہ سامان برآمد کیا گیا ہے۔ حکام کے مطابق تفتیش کا سلسلہ جاری ہے اور مزید گرفتاریوں کا امکان ہے۔

اسلام آباد (نمائندہ امت) وفاقی حکومت نے معاملے پر غور کے لیے خصوصی اجلاس طلب کر لیا ہے جس میں متعلقہ وزارتوں کے نمائندے شرکت کریں گے اور آئندہ کا لائحہ عمل طے کیا جائے گا۔

23
منظوری

لاہور (مانیٹرنگ ڈیسک) عدالت نے کیس کی سماعت کرتے ہوئے فریقین کو نوٹس جاری کر دیے ہیں اور آئندہ سماعت پر جواب طلب کر لیا ہے۔ عدالت نے ریمارکس دیے کہ قانون سب کے لیے برابر ہے۔

کراچی (اسٹاف رپورٹر) شہر میں جاری کارروائیوں کے دوران پولیس نے متعدد ملزمان کو گرفتار کر لیا ہے جبکہ ان کے قبضے سے اسلحہ اور مسروقہ سامان برآمد کیا گیا ہے۔ حکام کے مطابق تفتیش کا سلسلہ جاری ہے اور مزید گرفتاریوں کا امکان ہے۔

24
بلدیہ

کراچی (اسٹاف رپورٹر) شہر میں جاری کارروائیوں کے دوران پولیس نے متعدد ملزمان کو گرفتار کر لیا ہے جبکہ ان کے قبضے سے اسلحہ اور مسروقہ سامان برآمد کیا گیا ہے۔ حکام کے مطابق تفتیش کا سلسلہ جاری ہے اور مزید گرفتاریوں کا امکان ہے۔

اسلام آباد (نمائندہ امت) وفاقی حکومت نے معاملے پر غور کے لیے خصوصی اجلاس طلب کر لیا ہے جس میں متعلقہ وزارتوں کے نمائندے شرکت کریں گے اور آئندہ کا لائحہ عمل طے کیا جائے گا۔

25
نیب

اسلام آباد (نمائندہ امت) وفاقی حکومت نے معاملے پر غور کے لیے خصوصی اجلاس طلب کر لیا ہے جس میں متعلقہ وزارتوں کے نمائندے شرکت کریں گے اور آئندہ کا لائحہ عمل طے کیا جائے گا۔

لاہور (مانیٹرنگ ڈیسک) عدالت نے کیس کی سماعت کرتے ہوئے فریقین کو نوٹس جاری کر دیے ہیں اور آئندہ سماعت پر جواب طلب کر لیا ہے۔ عدالت نے ریمارکس دیے کہ قانون سب کے لیے برابر ہے۔

26
خاتون

کراچی (اسٹاف رپورٹر) شہر میں جاری کارروائیوں کے دوران پولیس نے متعدد ملزمان کو گرفتار کر لیا ہے جبکہ ان کے قبضے سے اسلحہ اور مسروقہ سامان برآمد کیا گیا ہے۔ حکام کے مطابق تفتیش کا سلسلہ جاری ہے اور مزید گرفتاریوں کا امکان ہے۔

اسلام آباد (نمائندہ امت) وفاقی حکومت نے معاملے پر غور کے لیے خصوصی اجلاس طلب کر لیا ہے جس میں متعلقہ وزارتوں کے نمائندے شرکت کریں گے اور آئندہ کا لائحہ عمل طے کیا جائے گا۔

27
ڈاکٹر

اسلام آباد (نمائندہ امت) وفاقی حکومت نے معاملے پر غور کے لیے خصوصی اجلاس طلب کر لیا ہے جس میں متعلقہ وزارتوں کے نمائندے شرکت کریں گے اور آئندہ کا لائحہ عمل طے کیا جائے گا۔

لاہور (مانیٹرنگ ڈیسک) عدالت نے کیس کی سماعت کرتے ہوئے فریقین کو نوٹس جاری کر دیے ہیں اور آئندہ سماعت پر جواب طلب کر لیا ہے۔ عدالت نے ریمارکس دیے کہ قانون سب کے لیے برابر ہے۔

28
شہری

لاہور (مانیٹرنگ ڈیسک) عدالت نے کیس کی سماعت کرتے ہوئے فریقین کو نوٹس جاری کر دیے ہیں اور آئندہ سماعت پر جواب طلب کر لیا ہے۔ عدالت نے ریمارکس دیے کہ قانون سب کے لیے برابر ہے۔

کراچی (اسٹاف رپورٹر) شہر میں جاری کارروائیوں کے دوران پولیس نے متعدد ملزمان کو گرفتار کر لیا ہے جبکہ ان کے قبضے سے اسلحہ اور مسروقہ سامان برآمد کیا گیا ہے۔ حکام کے مطابق تفتیش کا سلسلہ جاری ہے اور مزید گرفتاریوں کا امکان ہے۔

29
بلدیاتی

کراچی (اسٹاف رپورٹر) شہر میں جاری کارروائیوں کے دوران پولیس نے متعدد ملزمان کو گرفتار کر لیا ہے جبکہ ان کے قبضے سے اسلحہ اور مسروقہ سامان برآمد کیا گیا ہے۔ حکام کے مطابق تفتیش کا سلسلہ جاری ہے اور مزید گرفتاریوں کا امکان ہے۔

اسلام آباد (نمائندہ امت) وفاقی حکومت نے معاملے پر غور کے لیے خصوصی اجلاس طلب کر لیا ہے جس میں متعلقہ وزارتوں کے نمائندے شرکت کریں گے اور آئندہ کا لائحہ عمل طے کیا جائے گا۔

30
سٹیٹ بینک

اسلام آباد (نمائندہ امت) وفاقی حکومت نے معاملے پر غور کے لیے خصوصی اجلاس طلب کر لیا ہے جس میں متعلقہ وزارتوں کے نمائندے شرکت کریں گے اور آئندہ کا لائحہ عمل طے کیا جائے گا۔

لاہور (مانیٹرنگ ڈیسک) عدالت نے کیس کی سماعت کرتے ہوئے فریقین کو نوٹس جاری کر دیے ہیں اور آئندہ سماعت پر جواب طلب کر لیا ہے۔ عدالت نے ریمارکس دیے کہ قانون سب کے لیے برابر ہے۔

31
سانحہ

لاہور (مانیٹرنگ ڈیسک) عدالت نے کیس کی سماعت کرتے ہوئے فریقین کو نوٹس جاری کر دیے ہیں اور آئندہ سماعت پر جواب طلب کر لیا ہے۔ عدالت نے ریمارکس دیے کہ قانون سب کے لیے برابر ہے۔

کراچی (اسٹاف رپورٹر) شہر میں جاری کارروائیوں کے دوران پولیس نے متعدد ملزمان کو گرفتار کر لیا ہے جبکہ ان کے قبضے سے اسلحہ اور مسروقہ سامان برآمد کیا گیا ہے۔ حکام کے مطابق تفتیش کا سلسلہ جاری ہے اور مزید گرفتاریوں کا امکان ہے۔

32
شہری

کراچی (اسٹاف رپورٹر) شہر میں جاری کارروائیوں کے دوران پولیس نے متعدد ملزمان کو گرفتار کر لیا ہے جبکہ ان کے قبضے سے اسلحہ اور مسروقہ سامان برآمد کیا گیا ہے۔ حکام کے مطابق تفتیش کا سلسلہ جاری ہے اور مزید گرفتاریوں کا امکان ہے۔

اسلام آباد (نمائندہ امت) وفاقی حکومت نے معاملے پر غور کے لیے خصوصی اجلاس طلب کر لیا ہے جس میں متعلقہ وزارتوں کے نمائندے شرکت کریں گے اور آئندہ کا لائحہ عمل طے کیا جائے گا۔

33
شہباز

اسلام آباد (نمائندہ امت) وفاقی حکومت نے معاملے پر غور کے لیے خصوصی اجلاس طلب کر لیا ہے جس میں متعلقہ وزارتوں کے نمائندے شرکت کریں گے اور آئندہ کا لائحہ عمل طے کیا جائے گا۔

لاہور (مانیٹرنگ ڈیسک) عدالت نے کیس کی سماعت کرتے ہوئے فریقین کو نوٹس جاری کر دیے ہیں اور آئندہ سماعت پر جواب طلب کر لیا ہے۔ عدالت نے ریمارکس دیے کہ قانون سب کے لیے برابر ہے۔

اطلاع عام
درخواست بابت مفقودی سرٹیفکیٹ۔ بذریعہ ہذا مطلع کیا جاتا ہے کہ درخواست گزار کا شناختی کارڈ گم ہو گیا ہے اگر کسی کو اعتراض ہو تو 14 یوم کے اندر رابطہ کرے۔
4220106054823
درخواست بابت مفقودی سرٹیفکیٹ۔ بذریعہ ہذا مطلع کیا جاتا ہے کہ درخواست گزار کا شناختی کارڈ گم ہو گیا ہے اگر کسی کو اعتراض ہو تو 14 یوم کے اندر رابطہ کرے۔
INCHARGE SFU, NADRA SFU AWAMI MARKAZ KARACHI EAST
اطلاع عام
درخواست بابت مفقودی سرٹیفکیٹ۔ بذریعہ ہذا مطلع کیا جاتا ہے کہ درخواست گزار کا شناختی کارڈ گم ہو گیا ہے اگر کسی کو اعتراض ہو تو 14 یوم کے اندر رابطہ کرے۔
4220104376389
درخواست بابت مفقودی سرٹیفکیٹ۔ بذریعہ ہذا مطلع کیا جاتا ہے کہ درخواست گزار کا شناختی کارڈ گم ہو گیا ہے اگر کسی کو اعتراض ہو تو 14 یوم کے اندر رابطہ کرے۔
INCHARGE SFU, NADRA SFU MEGA CENTER DHA KARACHI
اطلاع عام
درخواست بابت مفقودی سرٹیفکیٹ۔ بذریعہ ہذا مطلع کیا جاتا ہے کہ درخواست گزار کا شناختی کارڈ گم ہو گیا ہے اگر کسی کو اعتراض ہو تو 14 یوم کے اندر رابطہ کرے۔
4530930466784
درخواست بابت مفقودی سرٹیفکیٹ۔ بذریعہ ہذا مطلع کیا جاتا ہے کہ درخواست گزار کا شناختی کارڈ گم ہو گیا ہے اگر کسی کو اعتراض ہو تو 14 یوم کے اندر رابطہ کرے۔
INCHARGE SFU, NADRA SFU STATE LIFE BUILDING
اطلاع عام
درخواست بابت مفقودی سرٹیفکیٹ۔ بذریعہ ہذا مطلع کیا جاتا ہے کہ درخواست گزار کا شناختی کارڈ گم ہو گیا ہے اگر کسی کو اعتراض ہو تو 14 یوم کے اندر رابطہ کرے۔
4240120712079
درخواست بابت مفقودی سرٹیفکیٹ۔ بذریعہ ہذا مطلع کیا جاتا ہے کہ درخواست گزار کا شناختی کارڈ گم ہو گیا ہے اگر کسی کو اعتراض ہو تو 14 یوم کے اندر رابطہ کرے۔
INCHARGE SFU, NADRA SFU AWAMI MARKAZ KARACHI EAST
اطلاع عام
درخواست بابت مفقودی سرٹیفکیٹ۔ بذریعہ ہذا مطلع کیا جاتا ہے کہ درخواست گزار کا شناختی کارڈ گم ہو گیا ہے اگر کسی کو اعتراض ہو تو 14 یوم کے اندر رابطہ کرے۔
4240120708006
درخواست بابت مفقودی سرٹیفکیٹ۔ بذریعہ ہذا مطلع کیا جاتا ہے کہ درخواست گزار کا شناختی کارڈ گم ہو گیا ہے اگر کسی کو اعتراض ہو تو 14 یوم کے اندر رابطہ کرے۔
INCHARGE SFU, NADRA SFU AWAMI MARKAZ KARACHI EAST
اطلاع عام
درخواست بابت مفقودی سرٹیفکیٹ۔ بذریعہ ہذا مطلع کیا جاتا ہے کہ درخواست گزار کا شناختی کارڈ گم ہو گیا ہے اگر کسی کو اعتراض ہو تو 14 یوم کے اندر رابطہ کرے۔
4210115643299
درخواست بابت مفقودی سرٹیفکیٹ۔ بذریعہ ہذا مطلع کیا جاتا ہے کہ درخواست گزار کا شناختی کارڈ گم ہو گیا ہے اگر کسی کو اعتراض ہو تو 14 یوم کے اندر رابطہ کرے۔
INCHARGE SFU, NADRA SFU MEGA CENTER NORTH NAZIMABAD
اطلاع عام
درخواست بابت مفقودی سرٹیفکیٹ۔ بذریعہ ہذا مطلع کیا جاتا ہے کہ درخواست گزار کا شناختی کارڈ گم ہو گیا ہے اگر کسی کو اعتراض ہو تو 14 یوم کے اندر رابطہ کرے۔
4220198743246
درخواست بابت مفقودی سرٹیفکیٹ۔ بذریعہ ہذا مطلع کیا جاتا ہے کہ درخواست گزار کا شناختی کارڈ گم ہو گیا ہے اگر کسی کو اعتراض ہو تو 14 یوم کے اندر رابطہ کرے۔
INCHARGE SFU, NADRA SFU MEGA CENTER DHA KARACHI
اطلاع عام
درخواست بابت مفقودی سرٹیفکیٹ۔ بذریعہ ہذا مطلع کیا جاتا ہے کہ درخواست گزار کا شناختی کارڈ گم ہو گیا ہے اگر کسی کو اعتراض ہو تو 14 یوم کے اندر رابطہ کرے۔
4230145614753
درخواست بابت مفقودی سرٹیفکیٹ۔ بذریعہ ہذا مطلع کیا جاتا ہے کہ درخواست گزار کا شناختی کارڈ گم ہو گیا ہے اگر کسی کو اعتراض ہو تو 14 یوم کے اندر رابطہ کرے۔
INCHARGE SFU, NADRA SFU AWAMI MARKAZ KARACHI EAST
اطلاع عام
درخواست بابت مفقودی سرٹیفکیٹ۔ بذریعہ ہذا مطلع کیا جاتا ہے کہ درخواست گزار کا شناختی کارڈ گم ہو گیا ہے اگر کسی کو اعتراض ہو تو 14 یوم کے اندر رابطہ کرے۔
4200003812614
درخواست بابت مفقودی سرٹیفکیٹ۔ بذریعہ ہذا مطلع کیا جاتا ہے کہ درخواست گزار کا شناختی کارڈ گم ہو گیا ہے اگر کسی کو اعتراض ہو تو 14 یوم کے اندر رابطہ کرے۔
INCHARGE SFU, NADRA SFU AWAMI MARKAZ KARACHI EAST
اطلاع عام
درخواست بابت مفقودی سرٹیفکیٹ۔ بذریعہ ہذا مطلع کیا جاتا ہے کہ درخواست گزار کا شناختی کارڈ گم ہو گیا ہے اگر کسی کو اعتراض ہو تو 14 یوم کے اندر رابطہ کرے۔
4230177219407
درخواست بابت مفقودی سرٹیفکیٹ۔ بذریعہ ہذا مطلع کیا جاتا ہے کہ درخواست گزار کا شناختی کارڈ گم ہو گیا ہے اگر کسی کو اعتراض ہو تو 14 یوم کے اندر رابطہ کرے۔
INCHARGE SFU, NADRA SFU AWAMI MARKAZ KARACHI EAST
اطلاع عام
درخواست بابت مفقودی سرٹیفکیٹ۔ بذریعہ ہذا مطلع کیا جاتا ہے کہ درخواست گزار کا شناختی کارڈ گم ہو گیا ہے اگر کسی کو اعتراض ہو تو 14 یوم کے اندر رابطہ کرے۔
4250113864932
درخواست بابت مفقودی سرٹیفکیٹ۔ بذریعہ ہذا مطلع کیا جاتا ہے کہ درخواست گزار کا شناختی کارڈ گم ہو گیا ہے اگر کسی کو اعتراض ہو تو 14 یوم کے اندر رابطہ کرے۔
INCHARGE SFU, NADRA SFU AWAMI MARKAZ KARACHI EAST
اطلاع عام
درخواست بابت مفقودی سرٹیفکیٹ۔ بذریعہ ہذا مطلع کیا جاتا ہے کہ درخواست گزار کا شناختی کارڈ گم ہو گیا ہے اگر کسی کو اعتراض ہو تو 14 یوم کے اندر رابطہ کرے۔
4200003754405
درخواست بابت مفقودی سرٹیفکیٹ۔ بذریعہ ہذا مطلع کیا جاتا ہے کہ درخواست گزار کا شناختی کارڈ گم ہو گیا ہے اگر کسی کو اعتراض ہو تو 14 یوم کے اندر رابطہ کرے۔
INCHARGE SFU, NADRA SFU MALIR KARACHI
اطلاع عام
درخواست بابت مفقودی سرٹیفکیٹ۔ بذریعہ ہذا مطلع کیا جاتا ہے کہ درخواست گزار کا شناختی کارڈ گم ہو گیا ہے اگر کسی کو اعتراض ہو تو 14 یوم کے اندر رابطہ کرے۔
4220162967731
درخواست بابت مفقودی سرٹیفکیٹ۔ بذریعہ ہذا مطلع کیا جاتا ہے کہ درخواست گزار کا شناختی کارڈ گم ہو گیا ہے اگر کسی کو اعتراض ہو تو 14 یوم کے اندر رابطہ کرے۔
INCHARGE SFU, NADRA SFU AWAMI MARKAZ KARACHI EAST
اطلاع عام
درخواست بابت مفقودی سرٹیفکیٹ۔ بذریعہ ہذا مطلع کیا جاتا ہے کہ درخواست گزار کا شناختی کارڈ گم ہو گیا ہے اگر کسی کو اعتراض ہو تو 14 یوم کے اندر رابطہ کرے۔
4220105162903
درخواست بابت مفقودی سرٹیفکیٹ۔ بذریعہ ہذا مطلع کیا جاتا ہے کہ درخواست گزار کا شناختی کارڈ گم ہو گیا ہے اگر کسی کو اعتراض ہو تو 14 یوم کے اندر رابطہ کرے۔
INCHARGE SFU, NADRA SFU AWAMI MARKAZ KARACHI EAST
اطلاع عام
درخواست بابت مفقودی سرٹیفکیٹ۔ بذریعہ ہذا مطلع کیا جاتا ہے کہ درخواست گزار کا شناختی کارڈ گم ہو گیا ہے اگر کسی کو اعتراض ہو تو 14 یوم کے اندر رابطہ کرے۔
4240127627613
درخواست بابت مفقودی سرٹیفکیٹ۔ بذریعہ ہذا مطلع کیا جاتا ہے کہ درخواست گزار کا شناختی کارڈ گم ہو گیا ہے اگر کسی کو اعتراض ہو تو 14 یوم کے اندر رابطہ کرے۔
INCHARGE SFU, NADRA SFU AWAMI MARKAZ KARACHI EAST
اطلاع عام
درخواست بابت مفقودی سرٹیفکیٹ۔ بذریعہ ہذا مطلع کیا جاتا ہے کہ درخواست گزار کا شناختی کارڈ گم ہو گیا ہے اگر کسی کو اعتراض ہو تو 14 یوم کے اندر رابطہ کرے۔
4210113897685
درخواست بابت مفقودی سرٹیفکیٹ۔ بذریعہ ہذا مطلع کیا جاتا ہے کہ درخواست گزار کا شناختی کارڈ گم ہو گیا ہے اگر کسی کو اعتراض ہو تو 14 یوم کے اندر رابطہ کرے۔
INCHARGE SFU, NADRA SFU AWAMI MARKAZ KARACHI EAST
اطلاع عام
درخواست بابت مفقودی سرٹیفکیٹ۔ بذریعہ ہذا مطلع کیا جاتا ہے کہ درخواست گزار کا شناختی کارڈ گم ہو گیا ہے اگر کسی کو اعتراض ہو تو 14 یوم کے اندر رابطہ کرے۔
4220164317351
درخواست بابت مفقودی سرٹیفکیٹ۔ بذریعہ ہذا مطلع کیا جاتا ہے کہ درخواست گزار کا شناختی کارڈ گم ہو گیا ہے اگر کسی کو اعتراض ہو تو 14 یوم کے اندر رابطہ کرے۔
INCHARGE SFU, NADRA SFU AWAMI MARKAZ KARACHI EAST
اطلاع عام
درخواست بابت مفقودی سرٹیفکیٹ۔ بذریعہ ہذا مطلع کیا جاتا ہے کہ درخواست گزار کا شناختی کارڈ گم ہو گیا ہے اگر کسی کو اعتراض ہو تو 14 یوم کے اندر رابطہ کرے۔
4530290381533
درخواست بابت مفقودی سرٹیفکیٹ۔ بذریعہ ہذا مطلع کیا جاتا ہے کہ درخواست گزار کا شناختی کارڈ گم ہو گیا ہے اگر کسی کو اعتراض ہو تو 14 یوم کے اندر رابطہ کرے۔
INCHARGE SFU, NADRA SFU NAUSHERO FEROZE
اطلاع عام
درخواست بابت مفقودی سرٹیفکیٹ۔ بذریعہ ہذا مطلع کیا جاتا ہے کہ درخواست گزار کا شناختی کارڈ گم ہو گیا ہے اگر کسی کو اعتراض ہو تو 14 یوم کے اندر رابطہ کرے۔
4220166280259
درخواست بابت مفقودی سرٹیفکیٹ۔ بذریعہ ہذا مطلع کیا جاتا ہے کہ درخواست گزار کا شناختی کارڈ گم ہو گیا ہے اگر کسی کو اعتراض ہو تو 14 یوم کے اندر رابطہ کرے۔
INCHARGE SFU, NADRA SFU AWAMI MARKAZ KARACHI EAST
اطلاع عام
درخواست بابت مفقودی سرٹیفکیٹ۔ بذریعہ ہذا مطلع کیا جاتا ہے کہ درخواست گزار کا شناختی کارڈ گم ہو گیا ہے اگر کسی کو اعتراض ہو تو 14 یوم کے اندر رابطہ کرے۔
4220103907567
درخواست بابت مفقودی سرٹیفکیٹ۔ بذریعہ ہذا مطلع کیا جاتا ہے کہ درخواست گزار کا شناختی کارڈ گم ہو گیا ہے اگر کسی کو اعتراض ہو تو 14 یوم کے اندر رابطہ کرے۔
INCHARGE SFU, NADRA SFU KORANGI KARACHI
اطلاع عام
درخواست بابت مفقودی سرٹیفکیٹ۔ بذریعہ ہذا مطلع کیا جاتا ہے کہ درخواست گزار کا شناختی کارڈ گم ہو گیا ہے اگر کسی کو اعتراض ہو تو 14 یوم کے اندر رابطہ کرے۔
4220175086052
درخواست بابت مفقودی سرٹیفکیٹ۔ بذریعہ ہذا مطلع کیا جاتا ہے کہ درخواست گزار کا شناختی کارڈ گم ہو گیا ہے اگر کسی کو اعتراض ہو تو 14 یوم کے اندر رابطہ کرے۔
INCHARGE SFU, NADRA SFU AWAMI MARKAZ KARACHI EAST
اطلاع عام
درخواست بابت مفقودی سرٹیفکیٹ۔ بذریعہ ہذا مطلع کیا جاتا ہے کہ درخواست گزار کا شناختی کارڈ گم ہو گیا ہے اگر کسی کو اعتراض ہو تو 14 یوم کے اندر رابطہ کرے۔
3460398972359
درخواست بابت مفقودی سرٹیفکیٹ۔ بذریعہ ہذا مطلع کیا جاتا ہے کہ درخواست گزار کا شناختی کارڈ گم ہو گیا ہے اگر کسی کو اعتراض ہو تو 14 یوم کے اندر رابطہ کرے۔
INCHARGE SFU, NADRA SFU AWAMI MARKAZ KARACHI EAST
PID(I)4044/21
ملٹی نیشنل کمپنی کو فوری ضرورت ہے
ایک ملٹی نیشنل کمپنی کو کراچی میں order booker کی فوری ضرورت ہے
جس کے پاس ایف ایم سی جی FMCG کا تجربہ لازمی ہو۔ شاندار تنخواہ
اور مراعات دی جائیں گی
رابطہ کے لیے ای میل یا فون کیجیے
0330-7000891
info@esquare.com.pk
e-square services (Pvt) Ltd
704, Park Avenue Shorah e Faisal, karachi
